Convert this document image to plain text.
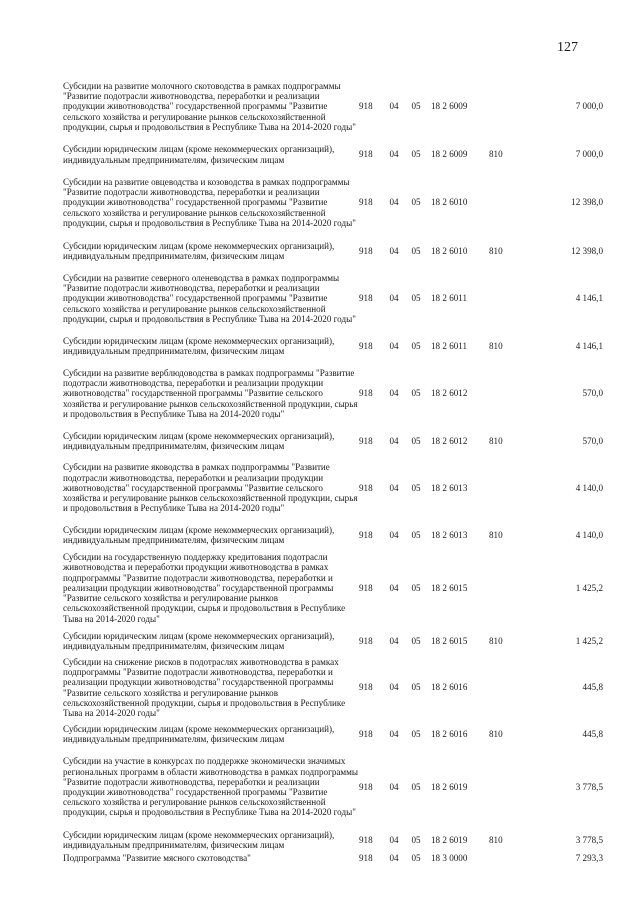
127
Субсидии на развитие молочного скотоводства в рамках подпрограммы "Развитие подотрасли животноводства, переработки и реализации продукции животноводства" государственной программы "Развитие сельского хозяйства и регулирование рынков сельскохозяйственной продукции, сырья и продовольствия в Республике Тыва на 2014-2020 годы"	918	04	05	18 2 6009		7 000,0
Субсидии юридическим лицам (кроме некоммерческих организаций), индивидуальным предпринимателям, физическим лицам	918	04	05	18 2 6009	810	7 000,0
Субсидии на развитие овцеводства и козоводства в рамках подпрограммы "Развитие подотрасли животноводства, переработки и реализации продукции животноводства" государственной программы "Развитие сельского хозяйства и регулирование рынков сельскохозяйственной продукции, сырья и продовольствия в Республике Тыва на 2014-2020 годы"	918	04	05	18 2 6010		12 398,0
Субсидии юридическим лицам (кроме некоммерческих организаций), индивидуальным предпринимателям, физическим лицам	918	04	05	18 2 6010	810	12 398,0
Субсидии на развитие северного оленеводства в рамках подпрограммы "Развитие подотрасли животноводства, переработки и реализации продукции животноводства" государственной программы "Развитие сельского хозяйства и регулирование рынков сельскохозяйственной продукции, сырья и продовольствия в Республике Тыва на 2014-2020 годы"	918	04	05	18 2 6011		4 146,1
Субсидии юридическим лицам (кроме некоммерческих организаций), индивидуальным предпринимателям, физическим лицам	918	04	05	18 2 6011	810	4 146,1
Субсидии на развитие верблюдоводства в рамках подпрограммы "Развитие подотрасли животноводства, переработки и реализации продукции животноводства" государственной программы "Развитие сельского хозяйства и регулирование рынков сельскохозяйственной продукции, сырья и продовольствия в Республике Тыва на 2014-2020 годы"	918	04	05	18 2 6012		570,0
Субсидии юридическим лицам (кроме некоммерческих организаций), индивидуальным предпринимателям, физическим лицам	918	04	05	18 2 6012	810	570,0
Субсидии на развитие яководства в рамках подпрограммы "Развитие подотрасли животноводства, переработки и реализации продукции животноводства" государственной программы "Развитие сельского хозяйства и регулирование рынков сельскохозяйственной продукции, сырья и продовольствия в Республике Тыва на 2014-2020 годы"	918	04	05	18 2 6013		4 140,0
Субсидии юридическим лицам (кроме некоммерческих организаций), индивидуальным предпринимателям, физическим лицам	918	04	05	18 2 6013	810	4 140,0
Субсидии на государственную поддержку кредитования подотрасли животноводства и переработки продукции животноводства в рамках подпрограммы "Развитие подотрасли животноводства, переработки и реализации продукции животноводства" государственной программы "Развитие сельского хозяйства и регулирование рынков сельскохозяйственной продукции, сырья и продовольствия в Республике Тыва на 2014-2020 годы"	918	04	05	18 2 6015		1 425,2
Субсидии юридическим лицам (кроме некоммерческих организаций), индивидуальным предпринимателям, физическим лицам	918	04	05	18 2 6015	810	1 425,2
Субсидии на снижение рисков в подотраслях животноводства в рамках подпрограммы "Развитие подотрасли животноводства, переработки и реализации продукции животноводства" государственной программы "Развитие сельского хозяйства и регулирование рынков сельскохозяйственной продукции, сырья и продовольствия в Республике Тыва на 2014-2020 годы"	918	04	05	18 2 6016		445,8
Субсидии юридическим лицам (кроме некоммерческих организаций), индивидуальным предпринимателям, физическим лицам	918	04	05	18 2 6016	810	445,8
Субсидии на участие в конкурсах по поддержке экономически значимых региональных программ в области животноводства в рамках подпрограммы "Развитие подотрасли животноводства, переработки и реализации продукции животноводства" государственной программы "Развитие сельского хозяйства и регулирование рынков сельскохозяйственной продукции, сырья и продовольствия в Республике Тыва на 2014-2020 годы"	918	04	05	18 2 6019		3 778,5
Субсидии юридическим лицам (кроме некоммерческих организаций), индивидуальным предпринимателям, физическим лицам	918	04	05	18 2 6019	810	3 778,5
Подпрограмма "Развитие мясного скотоводства"	918	04	05	18 3 0000		7 293,3
